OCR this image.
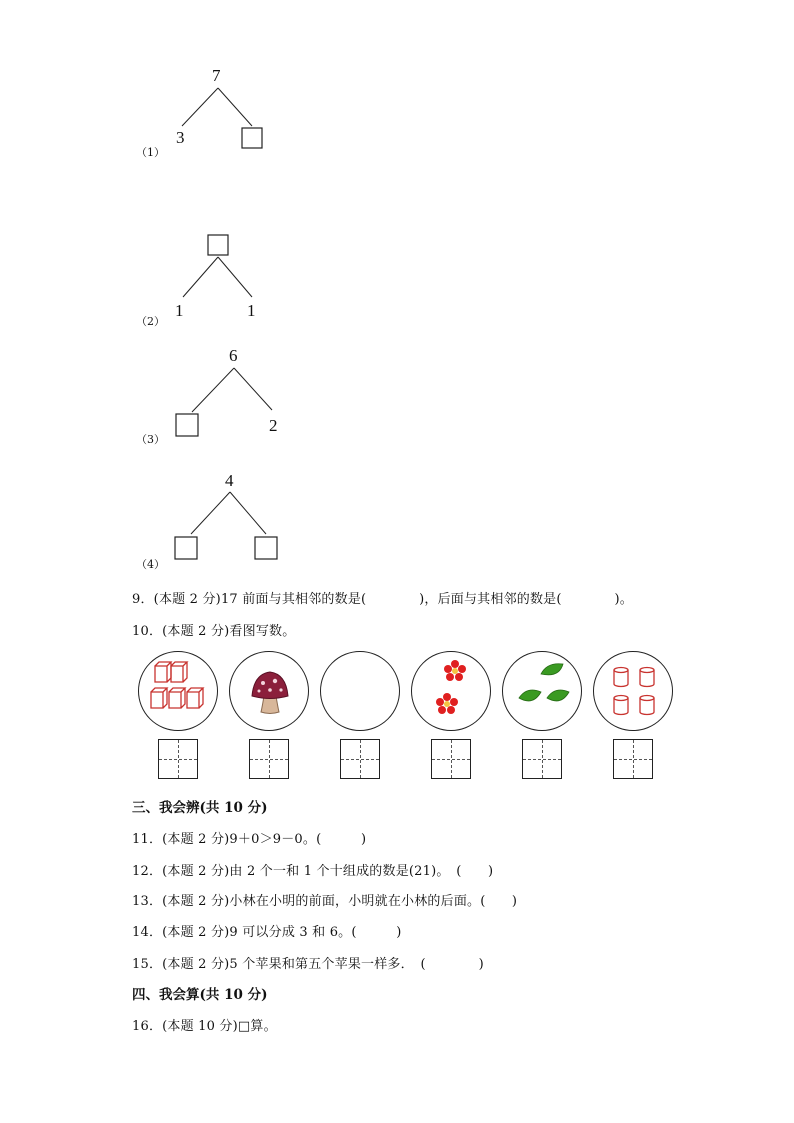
7
3
（1）
1	1
（2）
6
2
（3）
4
（4）
9．(本题 2 分)17 前面与其相邻的数是(　　　　)，后面与其相邻的数是(　　　　)。
10．(本题 2 分)看图写数。
三、我会辨(共 10 分)
11．(本题 2 分)9＋0＞9－0。(　　　)
12．(本题 2 分)由 2 个一和 1 个十组成的数是(21)。　(　　)
13．(本题 2 分)小林在小明的前面，小明就在小林的后面。(　　)
14．(本题 2 分)9 可以分成 3 和 6。(　　　)
15．(本题 2 分)5 个苹果和第五个苹果一样多．　(　　　　)
四、我会算(共 10 分)
16．(本题 10 分)□算。
